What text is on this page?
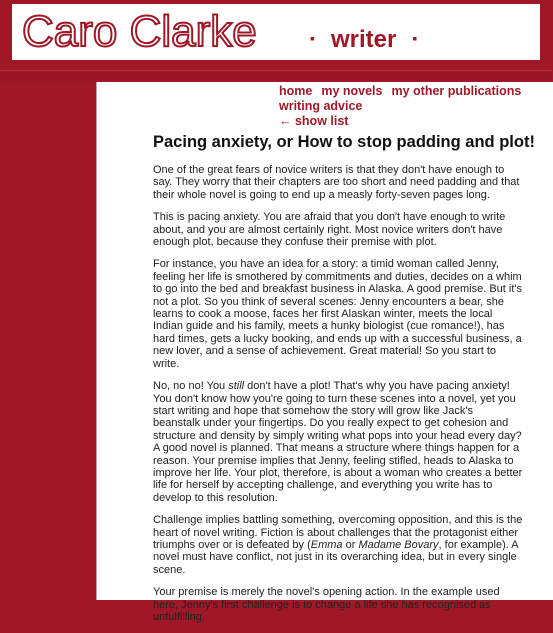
Caro Clarke	▪ writer ▪
home my novels my other publications
writing advice
← show list
Pacing anxiety, or How to stop padding and plot!

One of the great fears of novice writers is that they don't have enough to say. They worry that their chapters are too short and need padding and that their whole novel is going to end up a measly forty-seven pages long.

This is pacing anxiety. You are afraid that you don't have enough to write about, and you are almost certainly right. Most novice writers don't have enough plot, because they confuse their premise with plot.

For instance, you have an idea for a story: a timid woman called Jenny, feeling her life is smothered by commitments and duties, decides on a whim to go into the bed and breakfast business in Alaska. A good premise. But it's not a plot. So you think of several scenes: Jenny encounters a bear, she learns to cook a moose, faces her first Alaskan winter, meets the local Indian guide and his family, meets a hunky biologist (cue romance!), has hard times, gets a lucky booking, and ends up with a successful business, a new lover, and a sense of achievement. Great material! So you start to write.

No, no no! You still don't have a plot! That's why you have pacing anxiety! You don't know how you're going to turn these scenes into a novel, yet you start writing and hope that somehow the story will grow like Jack's beanstalk under your fingertips. Do you really expect to get cohesion and structure and density by simply writing what pops into your head every day? A good novel is planned. That means a structure where things happen for a reason. Your premise implies that Jenny, feeling stifled, heads to Alaska to improve her life. Your plot, therefore, is about a woman who creates a better life for herself by accepting challenge, and everything you write has to develop to this resolution.

Challenge implies battling something, overcoming opposition, and this is the heart of novel writing. Fiction is about challenges that the protagonist either triumphs over or is defeated by (Emma or Madame Bovary, for example). A novel must have conflict, not just in its overarching idea, but in every single scene.

Your premise is merely the novel's opening action. In the example used here, Jenny's first challenge is to change a life she has recognised as unfulfilling.
